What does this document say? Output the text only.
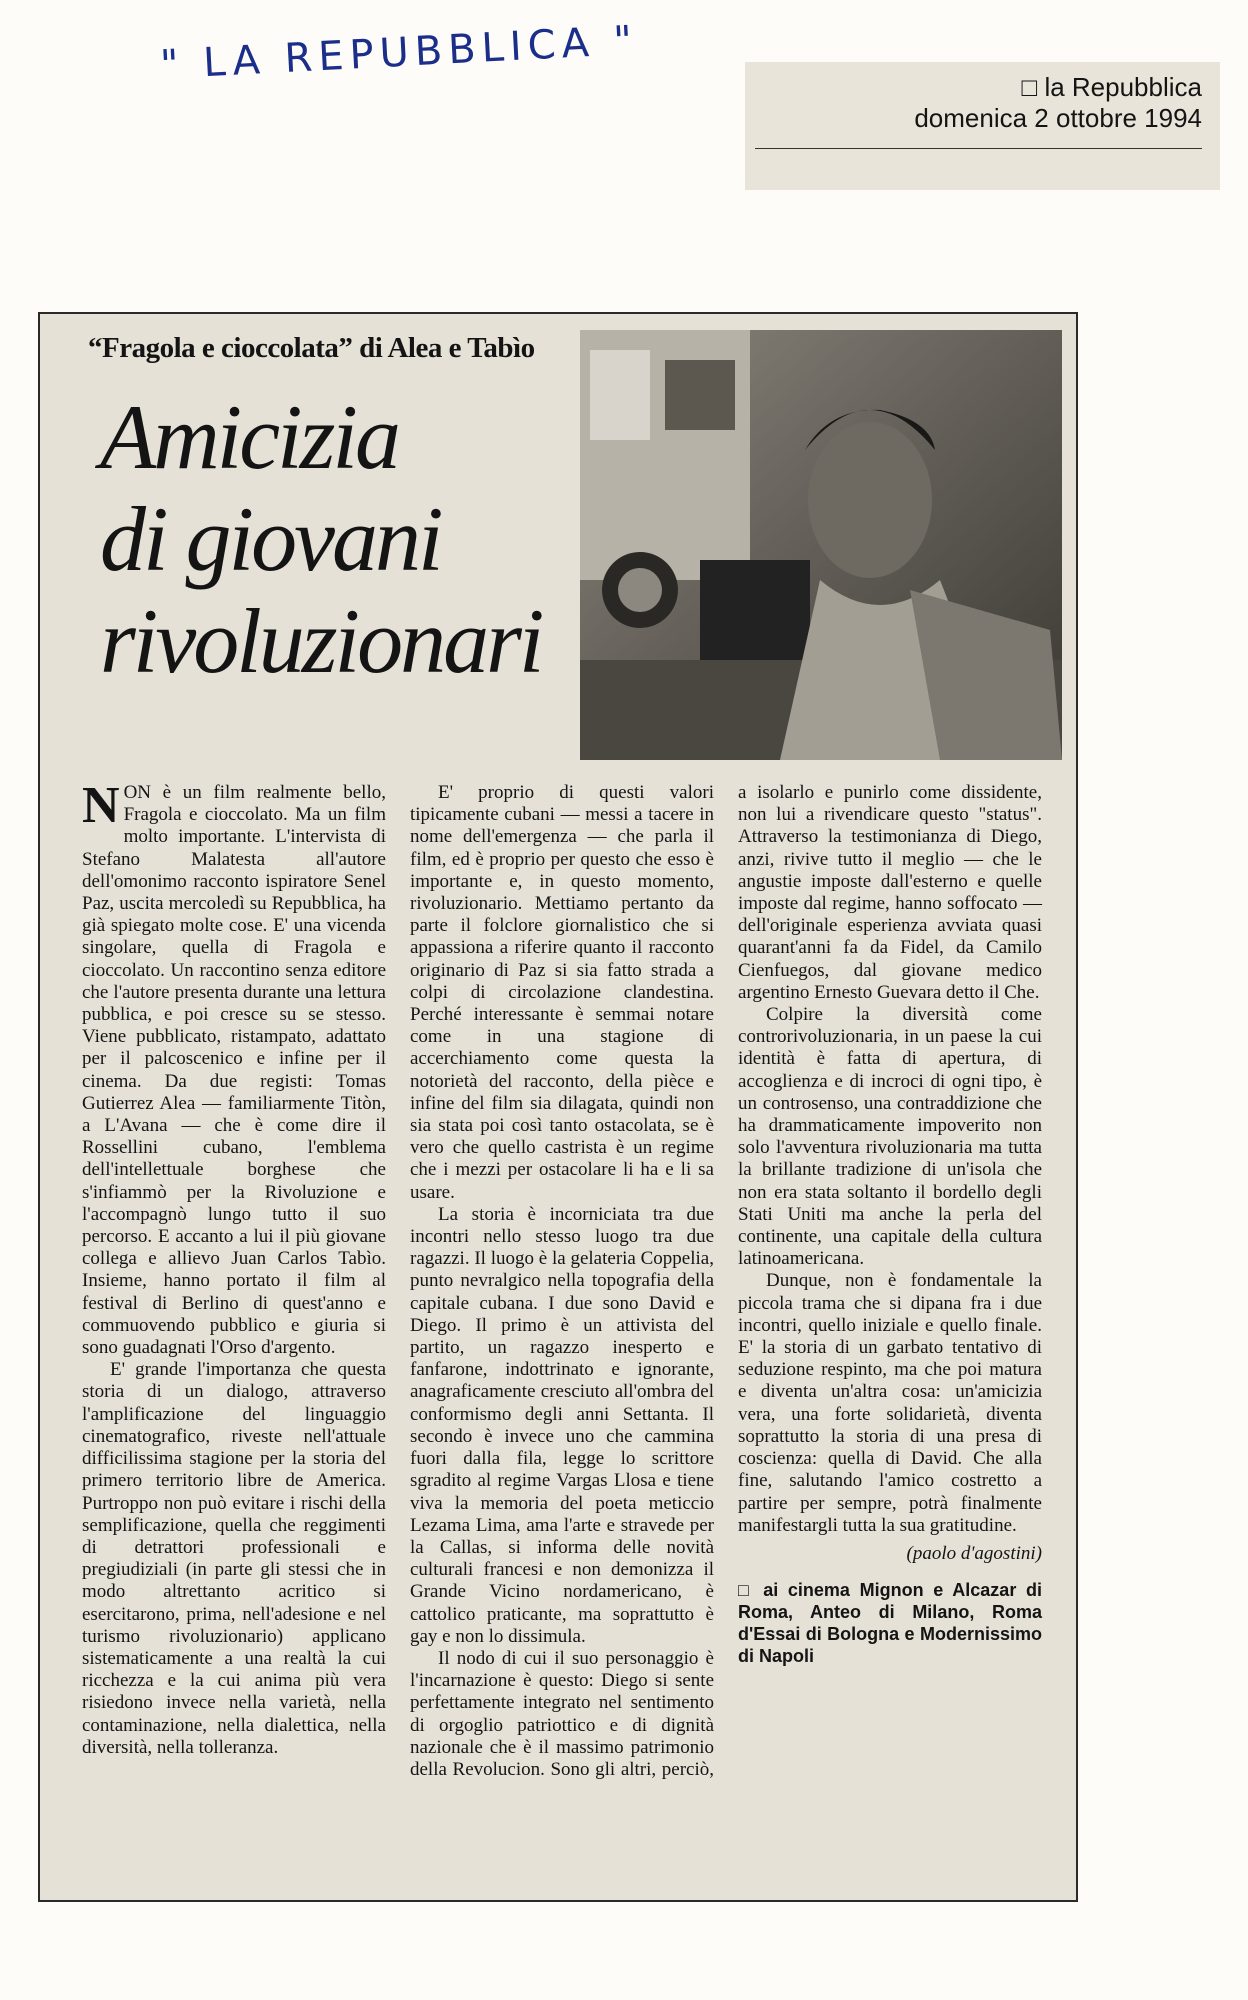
" LA REPUBBLICA "	□ la Repubblica
domenica 2 ottobre 1994
“Fragola e cioccolata” di Alea e Tabìo
Amicizia
di giovani
rivoluzionari

NON è un film realmente bello, Fragola e cioccolato. Ma un film molto importante. L'intervista di Stefano Malatesta all'autore dell'omonimo racconto ispiratore Senel Paz, uscita mercoledì su Repubblica, ha già spiegato molte cose. E' una vicenda singolare, quella di Fragola e cioccolato. Un raccontino senza editore che l'autore presenta durante una lettura pubblica, e poi cresce su se stesso. Viene pubblicato, ristampato, adattato per il palcoscenico e infine per il cinema. Da due registi: Tomas Gutierrez Alea — familiarmente Titòn, a L'Avana — che è come dire il Rossellini cubano, l'emblema dell'intellettuale borghese che s'infiammò per la Rivoluzione e l'accompagnò lungo tutto il suo percorso. E accanto a lui il più giovane collega e allievo Juan Carlos Tabìo. Insieme, hanno portato il film al festival di Berlino di quest'anno e commuovendo pubblico e giuria si sono guadagnati l'Orso d'argento.

E' grande l'importanza che questa storia di un dialogo, attraverso l'amplificazione del linguaggio cinematografico, riveste nell'attuale difficilissima stagione per la storia del primero territorio libre de America. Purtroppo non può evitare i rischi della semplificazione, quella che reggimenti di detrattori professionali e pregiudiziali (in parte gli stessi che in modo altrettanto acritico si esercitarono, prima, nell'adesione e nel turismo rivoluzionario) applicano sistematicamente a una realtà la cui ricchezza e la cui anima più vera risiedono invece nella varietà, nella contaminazione, nella dialettica, nella diversità, nella tolleranza.

E' proprio di questi valori tipicamente cubani — messi a tacere in nome dell'emergenza — che parla il film, ed è proprio per questo che esso è importante e, in questo momento, rivoluzionario. Mettiamo pertanto da parte il folclore giornalistico che si appassiona a riferire quanto il racconto originario di Paz si sia fatto strada a colpi di circolazione clandestina. Perché interessante è semmai notare come in una stagione di accerchiamento come questa la notorietà del racconto, della pièce e infine del film sia dilagata, quindi non sia stata poi così tanto ostacolata, se è vero che quello castrista è un regime che i mezzi per ostacolare li ha e li sa usare.

La storia è incorniciata tra due incontri nello stesso luogo tra due ragazzi. Il luogo è la gelateria Coppelia, punto nevralgico nella topografia della capitale cubana. I due sono David e Diego. Il primo è un attivista del partito, un ragazzo inesperto e fanfarone, indottrinato e ignorante, anagraficamente cresciuto all'ombra del conformismo degli anni Settanta. Il secondo è invece uno che cammina fuori dalla fila, legge lo scrittore sgradito al regime Vargas Llosa e tiene viva la memoria del poeta meticcio Lezama Lima, ama l'arte e stravede per la Callas, si informa delle novità culturali francesi e non demonizza il Grande Vicino nordamericano, è cattolico praticante, ma soprattutto è gay e non lo dissimula.

Il nodo di cui il suo personaggio è l'incarnazione è questo: Diego si sente perfettamente integrato nel sentimento di orgoglio patriottico e di dignità nazionale che è il massimo patrimonio della Revolucion. Sono gli altri, perciò, a isolarlo e punirlo come dissidente, non lui a rivendicare questo "status". Attraverso la testimonianza di Diego, anzi, rivive tutto il meglio — che le angustie imposte dall'esterno e quelle imposte dal regime, hanno soffocato — dell'originale esperienza avviata quasi quarant'anni fa da Fidel, da Camilo Cienfuegos, dal giovane medico argentino Ernesto Guevara detto il Che.

Colpire la diversità come controrivoluzionaria, in un paese la cui identità è fatta di apertura, di accoglienza e di incroci di ogni tipo, è un controsenso, una contraddizione che ha drammaticamente impoverito non solo l'avventura rivoluzionaria ma tutta la brillante tradizione di un'isola che non era stata soltanto il bordello degli Stati Uniti ma anche la perla del continente, una capitale della cultura latinoamericana.

Dunque, non è fondamentale la piccola trama che si dipana fra i due incontri, quello iniziale e quello finale. E' la storia di un garbato tentativo di seduzione respinto, ma che poi matura e diventa un'altra cosa: un'amicizia vera, una forte solidarietà, diventa soprattutto la storia di una presa di coscienza: quella di David. Che alla fine, salutando l'amico costretto a partire per sempre, potrà finalmente manifestargli tutta la sua gratitudine.

(paolo d'agostini)

□ ai cinema Mignon e Alcazar di Roma, Anteo di Milano, Roma d'Essai di Bologna e Modernissimo di Napoli
